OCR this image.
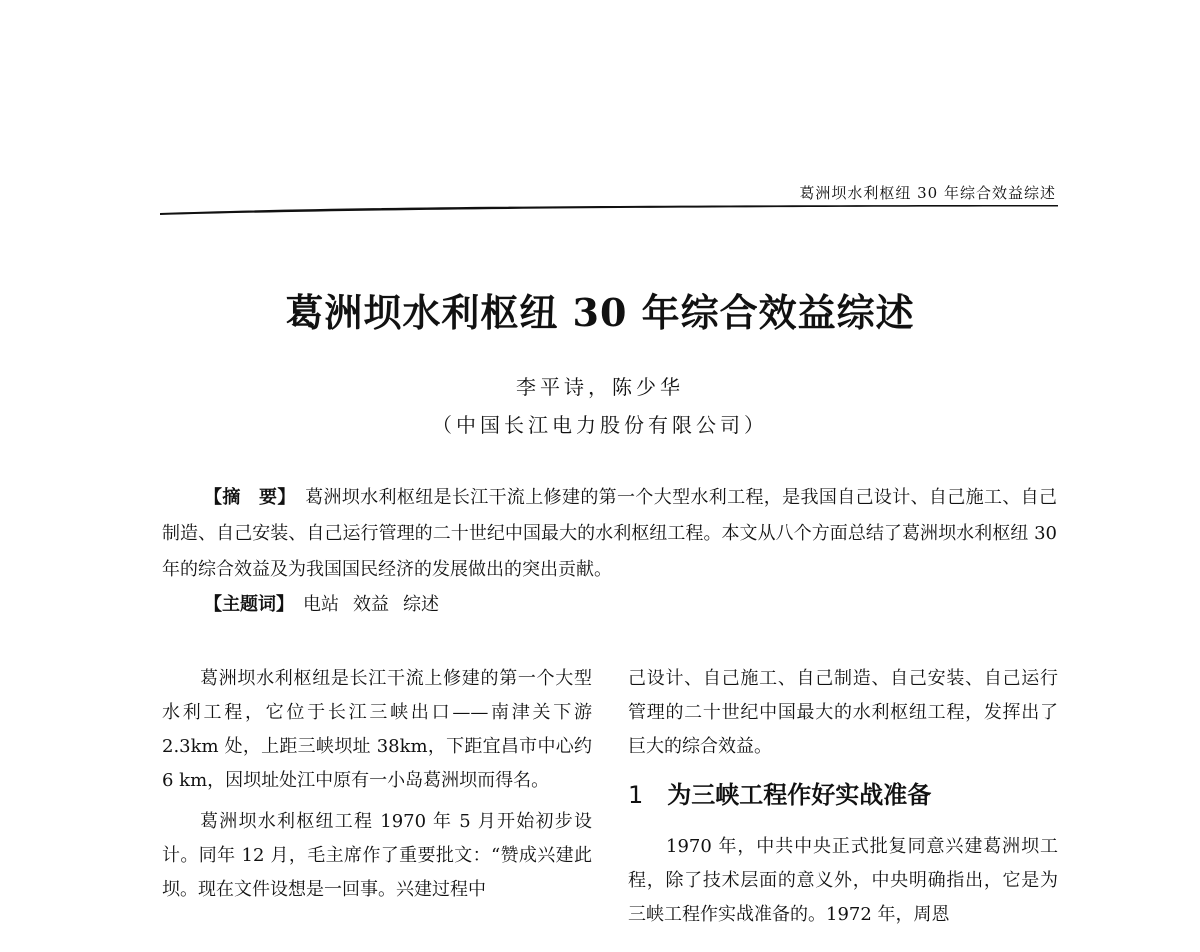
葛洲坝水利枢纽 30 年综合效益综述
葛洲坝水利枢纽 30 年综合效益综述
李平诗，陈少华
（中国长江电力股份有限公司）
【摘　要】　 葛洲坝水利枢纽是长江干流上修建的第一个大型水利工程，是我国自己设计、自己施工、自己制造、自己安装、自己运行管理的二十世纪中国最大的水利枢纽工程。本文从八个方面总结了葛洲坝水利枢纽 30 年的综合效益及为我国国民经济的发展做出的突出贡献。
【主题词】　 电站 效益 综述

葛洲坝水利枢纽是长江干流上修建的第一个大型水利工程，它位于长江三峡出口——南津关下游 2.3km 处，上距三峡坝址 38km，下距宜昌市中心约 6 km，因坝址处江中原有一小岛葛洲坝而得名。

葛洲坝水利枢纽工程 1970 年 5 月开始初步设计。同年 12 月，毛主席作了重要批文：“赞成兴建此坝。现在文件设想是一回事。兴建过程中

己设计、自己施工、自己制造、自己安装、自己运行管理的二十世纪中国最大的水利枢纽工程，发挥出了巨大的综合效益。

1 为三峡工程作好实战准备

1970 年，中共中央正式批复同意兴建葛洲坝工程，除了技术层面的意义外，中央明确指出，它是为三峡工程作实战准备的。1972 年，周恩
